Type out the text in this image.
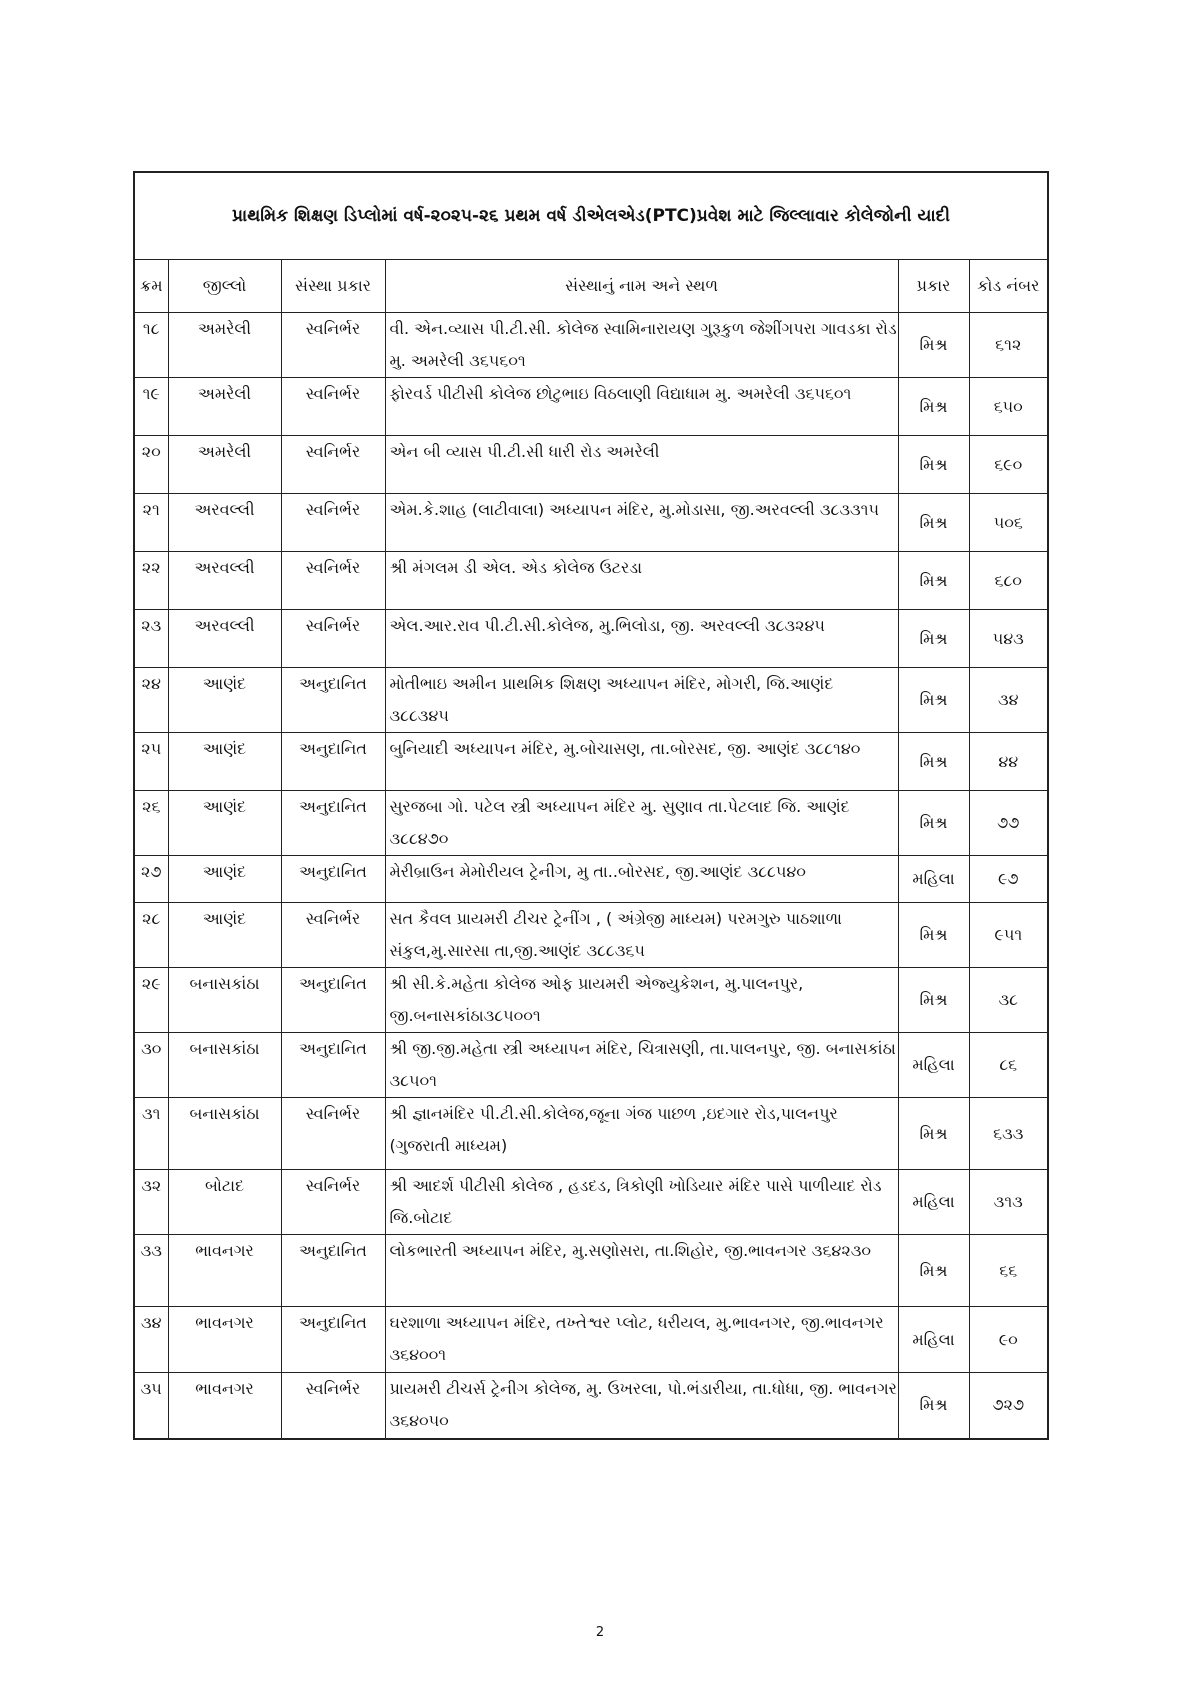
પ્રાથમિક શિક્ષણ ડિપ્લોમાં વર્ષ-૨૦૨૫-૨૬ પ્રથમ વર્ષ ડીએલએડ(PTC)પ્રવેશ માટે જિલ્લાવાર કોલેજોની યાદી					
ક્રમ	જીલ્લો	સંસ્થા પ્રકાર	સંસ્થાનું નામ અને સ્થળ	પ્રકાર	કોડ નંબર
૧૮	અમરેલી	સ્વનિર્ભર	વી. એન.વ્યાસ પી.ટી.સી. કોલેજ સ્વામિનારાયણ ગુરૂકુળ જેશીંગપરા ગાવડકા રોડ મુ. અમરેલી ૩૬૫૬૦૧	મિશ્ર	૬૧૨
૧૯	અમરેલી	સ્વનિર્ભર	ફોરવર્ડ પીટીસી કોલેજ છોટુભાઇ વિઠલાણી વિદ્યાધામ મુ. અમરેલી ૩૬૫૬૦૧	મિશ્ર	૬૫૦
૨૦	અમરેલી	સ્વનિર્ભર	એન બી વ્યાસ પી.ટી.સી ધારી રોડ અમરેલી	મિશ્ર	૬૯૦
૨૧	અરવલ્લી	સ્વનિર્ભર	એમ.કે.શાહ (લાટીવાલા) અધ્યાપન મંદિર, મુ.મોડાસા, જી.અરવલ્લી ૩૮૩૩૧૫	મિશ્ર	૫૦૬
૨૨	અરવલ્લી	સ્વનિર્ભર	શ્રી મંગલમ ડી એલ. એડ કોલેજ ઉટરડા	મિશ્ર	૬૮૦
૨૩	અરવલ્લી	સ્વનિર્ભર	એલ.આર.રાવ પી.ટી.સી.કોલેજ, મુ.ભિલોડા, જી. અરવલ્લી ૩૮૩૨૪૫	મિશ્ર	૫૪૩
૨૪	આણંદ	અનુદાનિત	મોતીભાઇ અમીન પ્રાથમિક શિક્ષણ અધ્યાપન મંદિર, મોગરી, જિ.આણંદ ૩૮૮૩૪૫	મિશ્ર	૩૪
૨૫	આણંદ	અનુદાનિત	બુનિયાદી અધ્યાપન મંદિર, મુ.બોચાસણ, તા.બોરસદ, જી. આણંદ ૩૮૮૧૪૦	મિશ્ર	૪૪
૨૬	આણંદ	અનુદાનિત	સુરજબા ગો. પટેલ સ્ત્રી અધ્યાપન મંદિર મુ. સુણાવ તા.પેટલાદ જિ. આણંદ ૩૮૮૪૭૦	મિશ્ર	૭૭
૨૭	આણંદ	અનુદાનિત	મેરીબ્રાઉન મેમોરીયલ ટ્રેનીગ, મુ તા..બોરસદ, જી.આણંદ ૩૮૮૫૪૦	મહિલા	૯૭
૨૮	આણંદ	સ્વનિર્ભર	સત કૈવલ પ્રાયમરી ટીચર ટ્રેનીંગ , ( અંગ્રેજી માધ્યમ) પરમગુરુ પાઠશાળા સંકુલ,મુ.સારસા તા,જી.આણંદ ૩૮૮૩૬૫	મિશ્ર	૯૫૧
૨૯	બનાસકાંઠા	અનુદાનિત	શ્રી સી.કે.મહેતા કોલેજ ઓફ પ્રાયમરી એજ્યુકેશન, મુ.પાલનપુર, જી.બનાસકાંઠા૩૮૫૦૦૧	મિશ્ર	૩૮
૩૦	બનાસકાંઠા	અનુદાનિત	શ્રી જી.જી.મહેતા સ્ત્રી અધ્યાપન મંદિર, ચિત્રાસણી, તા.પાલનપુર, જી. બનાસકાંઠા ૩૮૫૦૧	મહિલા	૮૬
૩૧	બનાસકાંઠા	સ્વનિર્ભર	શ્રી જ્ઞાનમંદિર પી.ટી.સી.કોલેજ,જૂના ગંજ પાછળ ,ઇદગાર રોડ,પાલનપુર (ગુજરાતી માધ્યમ)	મિશ્ર	૬૩૩
૩૨	બોટાદ	સ્વનિર્ભર	શ્રી આદર્શ પીટીસી કોલેજ , હડદડ, ત્રિકોણી ખોડિયાર મંદિર પાસે પાળીયાદ રોડ જિ.બોટાદ	મહિલા	૩૧૩
૩૩	ભાવનગર	અનુદાનિત	લોકભારતી અધ્યાપન મંદિર, મુ.સણોસરા, તા.શિહોર, જી.ભાવનગર ૩૬૪૨૩૦	મિશ્ર	૬૬
૩૪	ભાવનગર	અનુદાનિત	ઘરશાળા અધ્યાપન મંદિર, તખ્તેશ્વર પ્લોટ, ધરીયલ, મુ.ભાવનગર, જી.ભાવનગર ૩૬૪૦૦૧	મહિલા	૯૦
૩૫	ભાવનગર	સ્વનિર્ભર	પ્રાયમરી ટીચર્સ ટ્રેનીગ કોલેજ, મુ. ઉખરલા, પો.ભંડારીયા, તા.ધોધા, જી. ભાવનગર ૩૬૪૦૫૦	મિશ્ર	૭૨૭
2
